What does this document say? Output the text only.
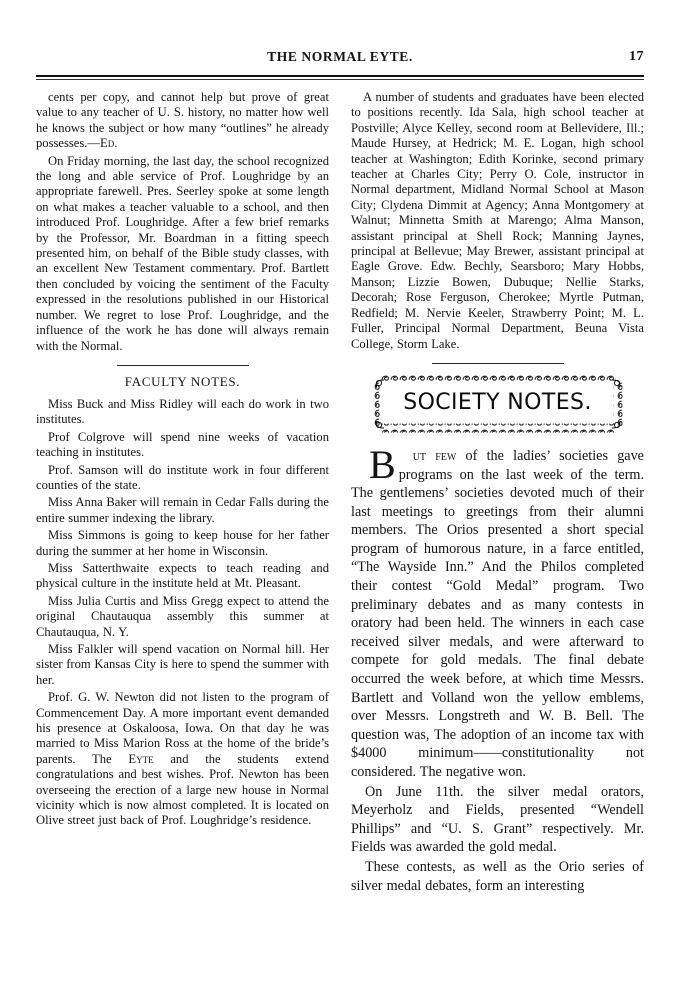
THE NORMAL EYTE.	17

cents per copy, and cannot help but prove of great value to any teacher of U. S. history, no matter how well he knows the subject or how many “outlines” he already possesses.—Ed.

On Friday morning, the last day, the school recognized the long and able service of Prof. Loughridge by an appropriate farewell. Pres. Seerley spoke at some length on what makes a teacher valuable to a school, and then introduced Prof. Loughridge. After a few brief remarks by the Professor, Mr. Boardman in a fitting speech presented him, on behalf of the Bible study classes, with an excellent New Testament commentary. Prof. Bartlett then concluded by voicing the sentiment of the Faculty expressed in the resolutions published in our Historical number. We regret to lose Prof. Loughridge, and the influence of the work he has done will always remain with the Normal.

FACULTY NOTES.

Miss Buck and Miss Ridley will each do work in two institutes.

Prof Colgrove will spend nine weeks of vacation teaching in institutes.

Prof. Samson will do institute work in four different counties of the state.

Miss Anna Baker will remain in Cedar Falls during the entire summer indexing the library.

Miss Simmons is going to keep house for her father during the summer at her home in Wisconsin.

Miss Satterthwaite expects to teach reading and physical culture in the institute held at Mt. Pleasant.

Miss Julia Curtis and Miss Gregg expect to attend the original Chautauqua assembly this summer at Chautauqua, N. Y.

Miss Falkler will spend vacation on Normal hill. Her sister from Kansas City is here to spend the summer with her.

Prof. G. W. Newton did not listen to the program of Commencement Day. A more important event demanded his presence at Oskaloosa, Iowa. On that day he was married to Miss Marion Ross at the home of the bride’s parents. The Eyte and the students extend congratulations and best wishes. Prof. Newton has been overseeing the erection of a large new house in Normal vicinity which is now almost completed. It is located on Olive street just back of Prof. Loughridge’s residence.

A number of students and graduates have been elected to positions recently. Ida Sala, high school teacher at Postville; Alyce Kelley, second room at Bellevidere, Ill.; Maude Hursey, at Hedrick; M. E. Logan, high school teacher at Washington; Edith Korinke, second primary teacher at Charles City; Perry O. Cole, instructor in Normal department, Midland Normal School at Mason City; Clydena Dimmit at Agency; Anna Montgomery at Walnut; Minnetta Smith at Marengo; Alma Manson, assistant principal at Shell Rock; Manning Jaynes, principal at Bellevue; May Brewer, assistant principal at Eagle Grove. Edw. Bechly, Searsboro; Mary Hobbs, Manson; Lizzie Bowen, Dubuque; Nellie Starks, Decorah; Rose Ferguson, Cherokee; Myrtle Putman, Redfield; M. Nervie Keeler, Strawberry Point; M. L. Fuller, Principal Normal Department, Beuna Vista College, Storm Lake.

SOCIETY NOTES.

B ut few of the ladies’ societies gave programs on the last week of the term. The gentlemens’ societies devoted much of their last meetings to greetings from their alumni members. The Orios presented a short special program of humorous nature, in a farce entitled, “The Wayside Inn.” And the Philos completed their contest “Gold Medal” program. Two preliminary debates and as many contests in oratory had been held. The winners in each case received silver medals, and were afterward to compete for gold medals. The final debate occurred the week before, at which time Messrs. Bartlett and Volland won the yellow emblems, over Messrs. Longstreth and W. B. Bell. The question was, The adoption of an income tax with $4000 minimum——constitutionality not considered. The negative won.

On June 11th. the silver medal orators, Meyerholz and Fields, presented “Wendell Phillips” and “U. S. Grant” respectively. Mr. Fields was awarded the gold medal.

These contests, as well as the Orio series of silver medal debates, form an interesting
